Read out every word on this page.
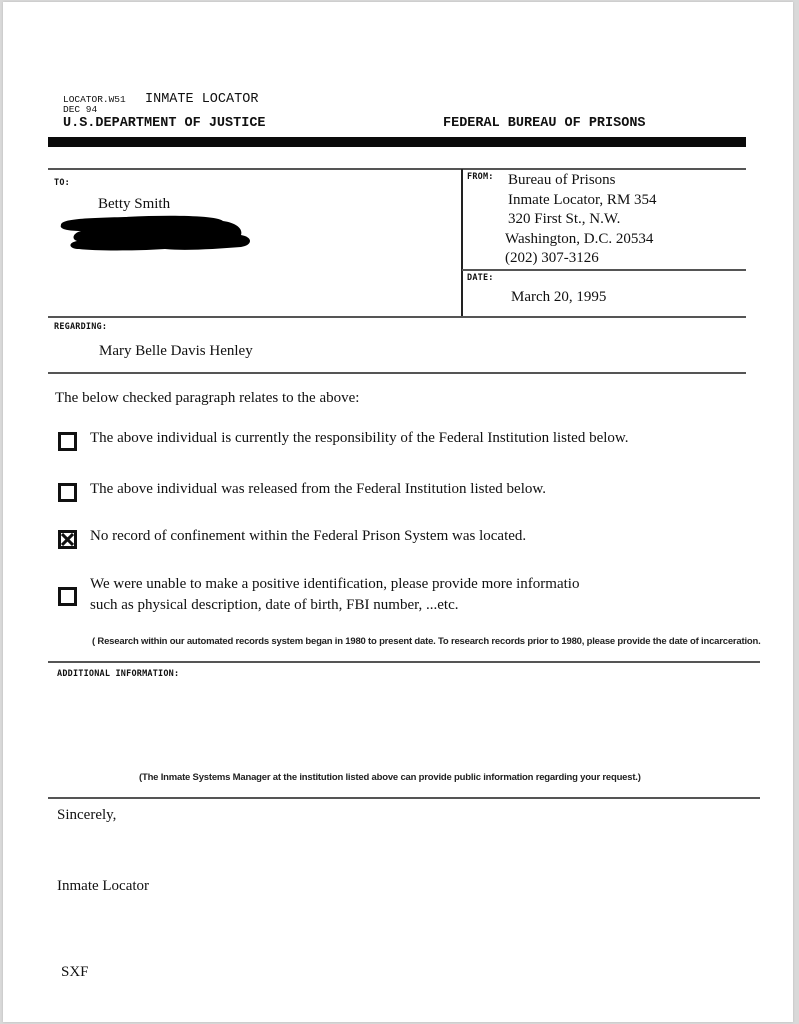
LOCATOR.W51
DEC 94
INMATE LOCATOR
U.S.DEPARTMENT OF JUSTICE	FEDERAL BUREAU OF PRISONS
TO:
Betty Smith
FROM: Bureau of Prisons
Inmate Locator, RM 354
320 First St., N.W.
Washington, D.C. 20534
(202) 307-3126
DATE:
March 20, 1995
REGARDING:
Mary Belle Davis Henley
The below checked paragraph relates to the above:
The above individual is currently the responsibility of the Federal Institution listed below.
The above individual was released from the Federal Institution listed below.
No record of confinement within the Federal Prison System was located.
We were unable to make a positive identification, please provide more informatio
such as physical description, date of birth, FBI number, ...etc.
( Research within our automated records system began in 1980 to present date. To research records prior to 1980, please provide the date of incarceration.
ADDITIONAL INFORMATION:
(The Inmate Systems Manager at the institution listed above can provide public information regarding your request.)
Sincerely,
Inmate Locator
SXF
